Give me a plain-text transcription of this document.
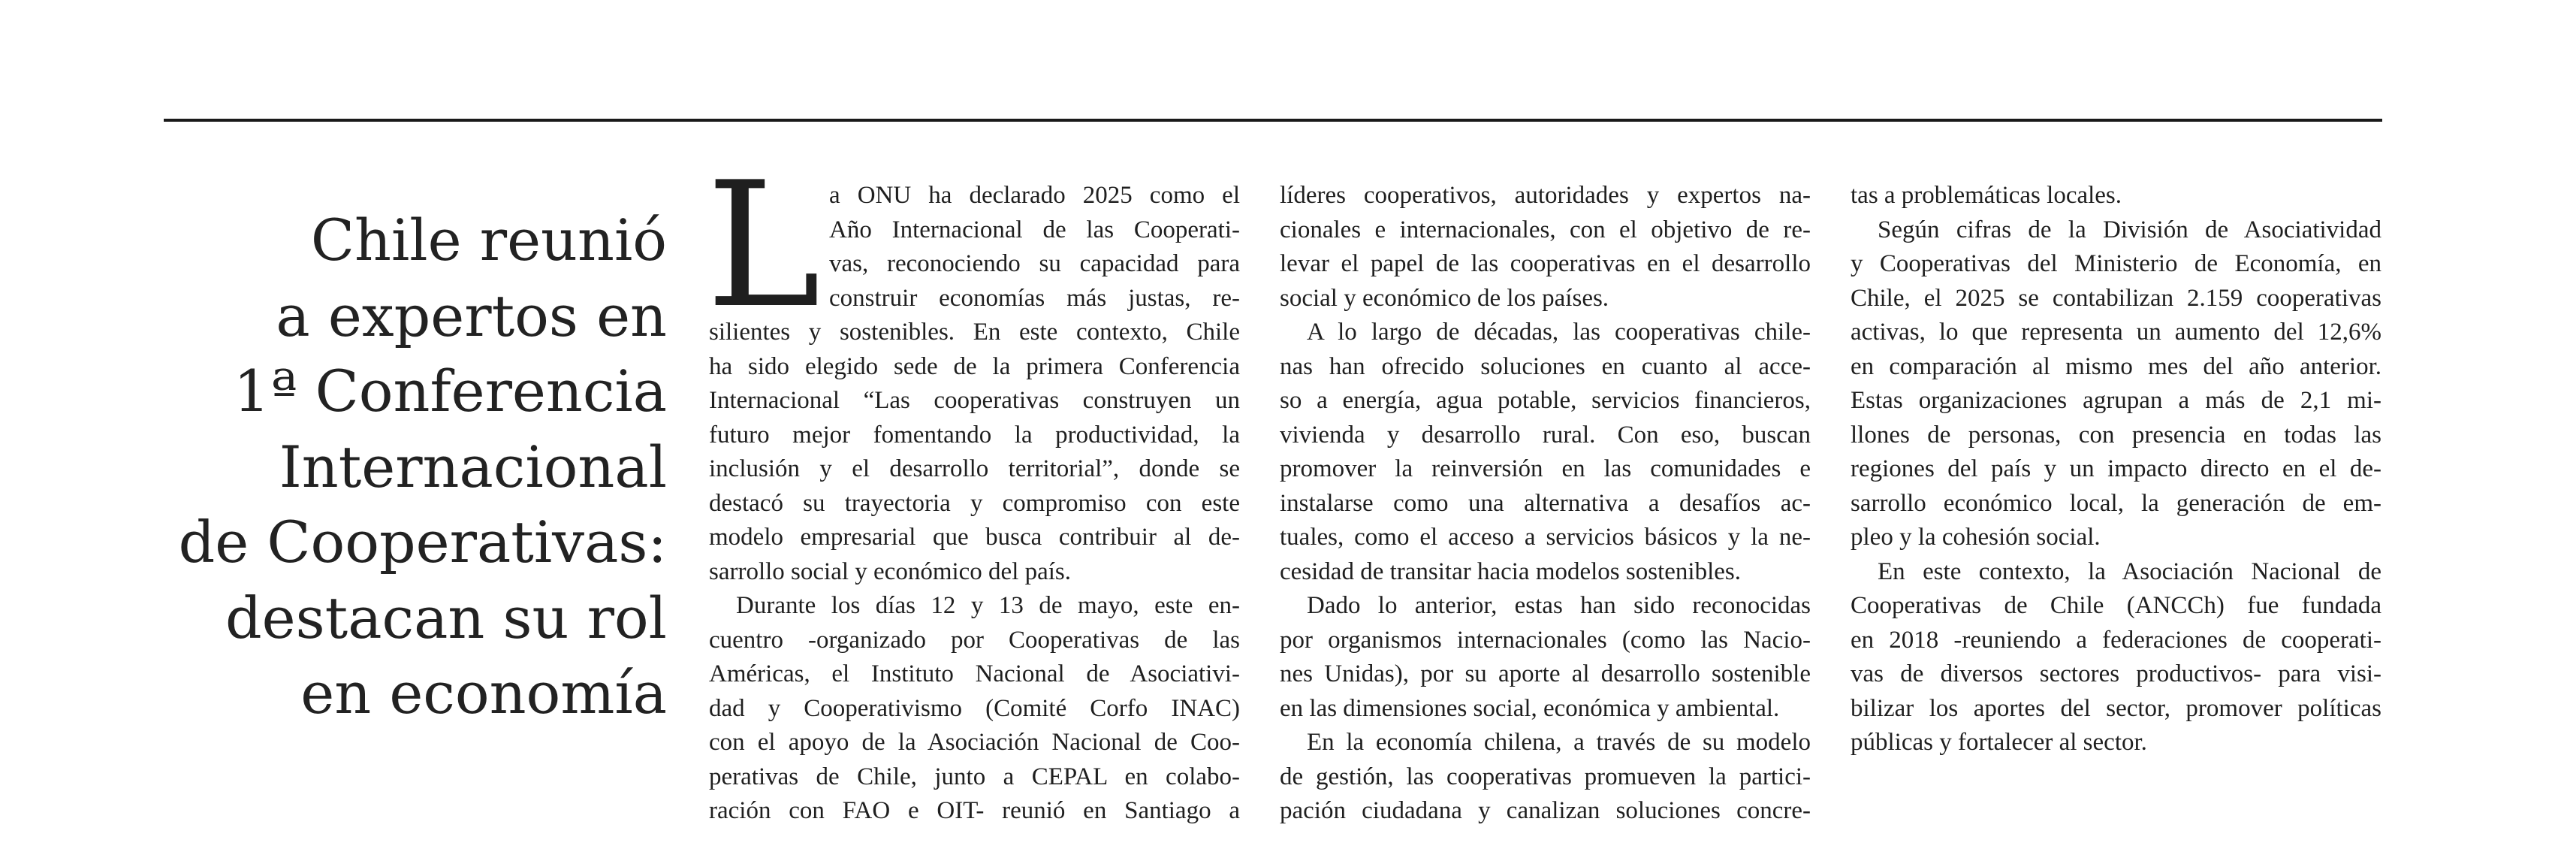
Chile reunió
a expertos en
1ª Conferencia
Internacional
de Cooperativas:
destacan su rol
en economía
L a ONU ha declarado 2025 como el
Año Internacional de las Cooperati-
vas, reconociendo su capacidad para
construir economías más justas, re-
silientes y sostenibles. En este contexto, Chile
ha sido elegido sede de la primera Conferencia
Internacional “Las cooperativas construyen un
futuro mejor fomentando la productividad, la
inclusión y el desarrollo territorial”, donde se
destacó su trayectoria y compromiso con este
modelo empresarial que busca contribuir al de-
sarrollo social y económico del país.
Durante los días 12 y 13 de mayo, este en-
cuentro -organizado por Cooperativas de las
Américas, el Instituto Nacional de Asociativi-
dad y Cooperativismo (Comité Corfo INAC)
con el apoyo de la Asociación Nacional de Coo-
perativas de Chile, junto a CEPAL en colabo-
ración con FAO e OIT- reunió en Santiago a
líderes cooperativos, autoridades y expertos na-
cionales e internacionales, con el objetivo de re-
levar el papel de las cooperativas en el desarrollo
social y económico de los países.
A lo largo de décadas, las cooperativas chile-
nas han ofrecido soluciones en cuanto al acce-
so a energía, agua potable, servicios financieros,
vivienda y desarrollo rural. Con eso, buscan
promover la reinversión en las comunidades e
instalarse como una alternativa a desafíos ac-
tuales, como el acceso a servicios básicos y la ne-
cesidad de transitar hacia modelos sostenibles.
Dado lo anterior, estas han sido reconocidas
por organismos internacionales (como las Nacio-
nes Unidas), por su aporte al desarrollo sostenible
en las dimensiones social, económica y ambiental.
En la economía chilena, a través de su modelo
de gestión, las cooperativas promueven la partici-
pación ciudadana y canalizan soluciones concre-
tas a problemáticas locales.
Según cifras de la División de Asociatividad
y Cooperativas del Ministerio de Economía, en
Chile, el 2025 se contabilizan 2.159 cooperativas
activas, lo que representa un aumento del 12,6%
en comparación al mismo mes del año anterior.
Estas organizaciones agrupan a más de 2,1 mi-
llones de personas, con presencia en todas las
regiones del país y un impacto directo en el de-
sarrollo económico local, la generación de em-
pleo y la cohesión social.
En este contexto, la Asociación Nacional de
Cooperativas de Chile (ANCCh) fue fundada
en 2018 -reuniendo a federaciones de cooperati-
vas de diversos sectores productivos- para visi-
bilizar los aportes del sector, promover políticas
públicas y fortalecer al sector.
